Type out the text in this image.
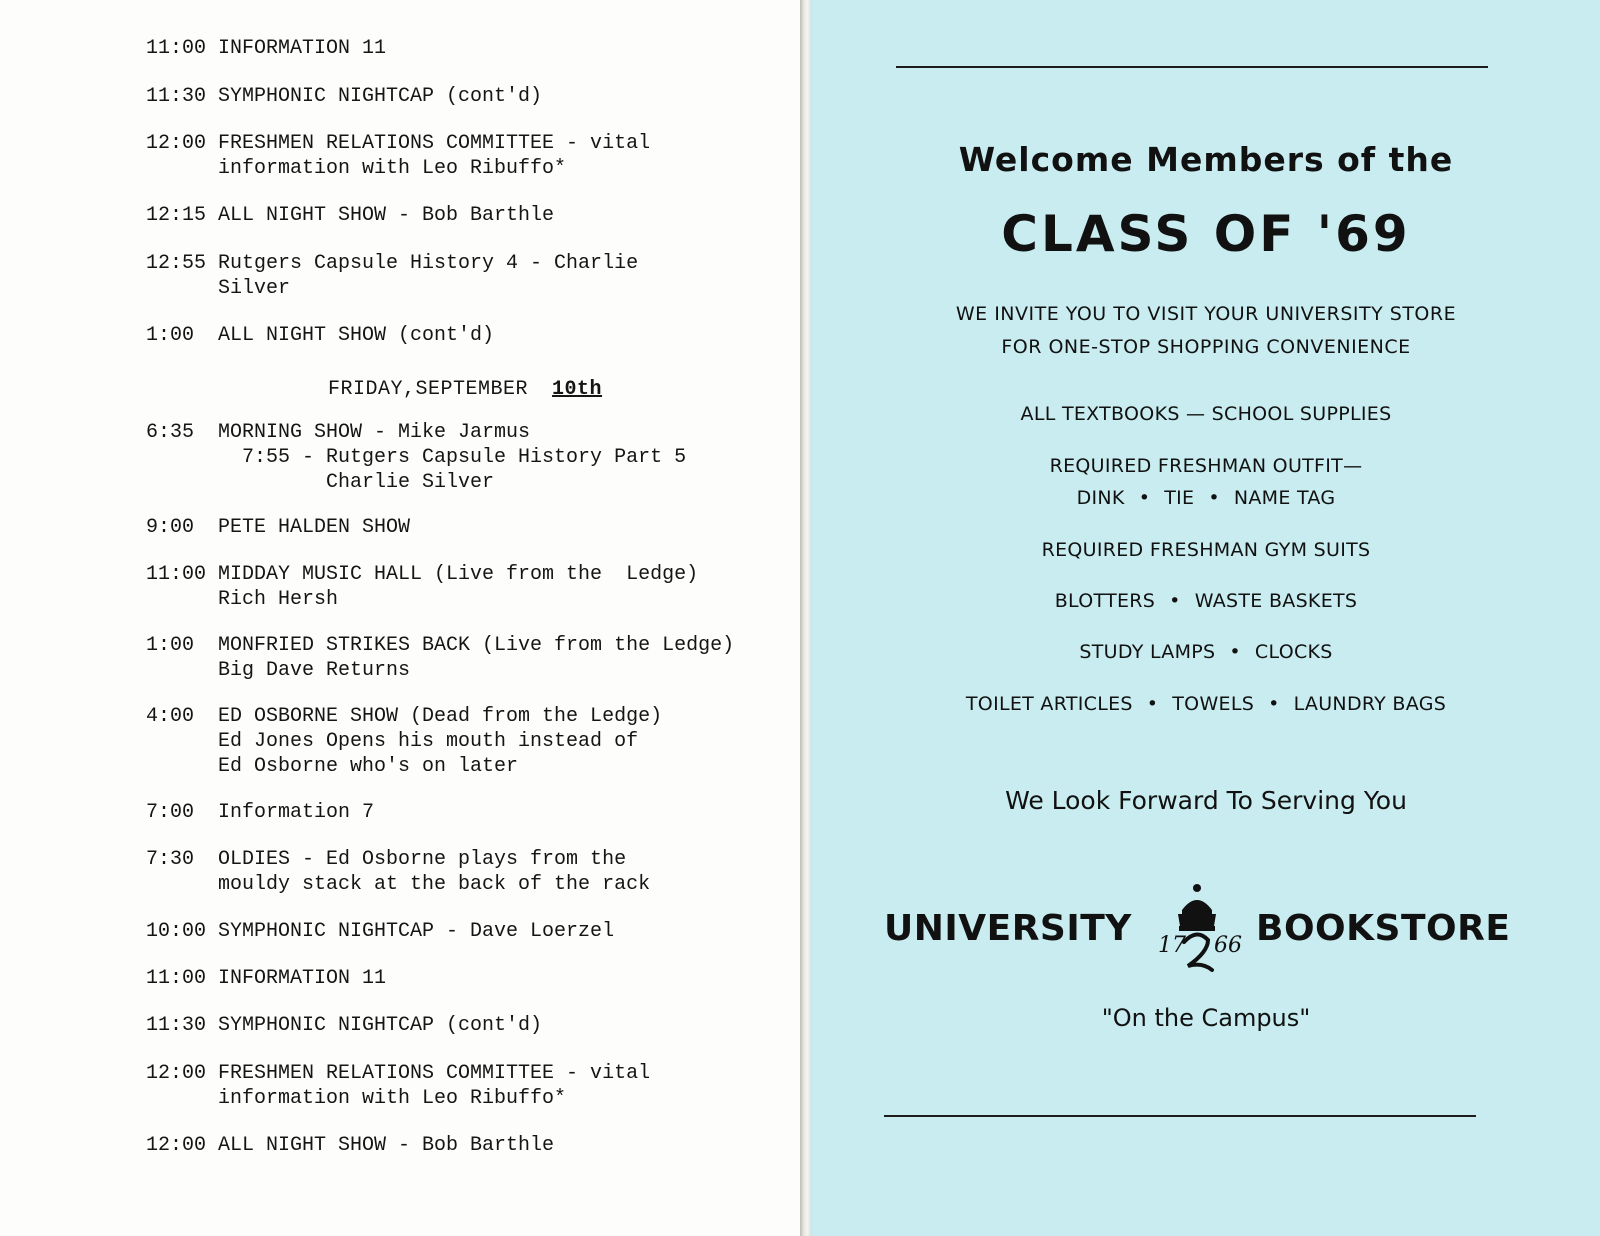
11:00 INFORMATION 11
11:30 SYMPHONIC NIGHTCAP (cont'd)
12:00 FRESHMEN RELATIONS COMMITTEE - vital
information with Leo Ribuffo*
12:15 ALL NIGHT SHOW - Bob Barthle
12:55 Rutgers Capsule History 4 - Charlie
Silver
1:00 ALL NIGHT SHOW (cont'd)
FRIDAY,SEPTEMBER 10th
6:35 MORNING SHOW - Mike Jarmus
7:55 - Rutgers Capsule History Part 5
Charlie Silver
9:00 PETE HALDEN SHOW
11:00 MIDDAY MUSIC HALL (Live from the  Ledge)
Rich Hersh
1:00 MONFRIED STRIKES BACK (Live from the Ledge)
Big Dave Returns
4:00 ED OSBORNE SHOW (Dead from the Ledge)
Ed Jones Opens his mouth instead of
Ed Osborne who's on later
7:00 Information 7
7:30 OLDIES - Ed Osborne plays from the
mouldy stack at the back of the rack
10:00 SYMPHONIC NIGHTCAP - Dave Loerzel
11:00 INFORMATION 11
11:30 SYMPHONIC NIGHTCAP (cont'd)
12:00 FRESHMEN RELATIONS COMMITTEE - vital
information with Leo Ribuffo*
12:00 ALL NIGHT SHOW - Bob Barthle
Welcome Members of the
CLASS OF '69
WE INVITE YOU TO VISIT YOUR UNIVERSITY STORE
FOR ONE-STOP SHOPPING CONVENIENCE
ALL TEXTBOOKS — SCHOOL SUPPLIES
REQUIRED FRESHMAN OUTFIT—
DINK • TIE • NAME TAG
REQUIRED FRESHMAN GYM SUITS
BLOTTERS • WASTE BASKETS
STUDY LAMPS • CLOCKS
TOILET ARTICLES • TOWELS • LAUNDRY BAGS
We Look Forward To Serving You
UNIVERSITY 17 66 BOOKSTORE
"On the Campus"
